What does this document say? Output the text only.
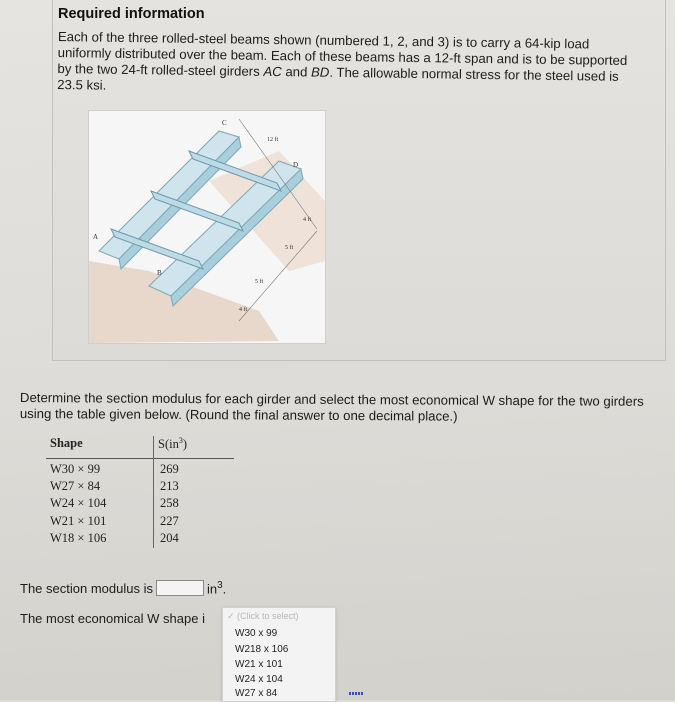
Required information
Each of the three rolled-steel beams shown (numbered 1, 2, and 3) is to carry a 64-kip load uniformly distributed over the beam. Each of these beams has a 12-ft span and is to be supported by the two 24-ft rolled-steel girders AC and BD. The allowable normal stress for the steel used is 23.5 ksi.
C
D
A
B
12 ft
4 ft
5 ft
5 ft
4 ft
Determine the section modulus for each girder and select the most economical W shape for the two girders using the table given below. (Round the final answer to one decimal place.)
Shape	$S(in^3)$
W30 × 99	269
W27 × 84	213
W24 × 104	258
W21 × 101	227
W18 × 106	204
The section modulus is	$in^3$.
The most economical W shape i ✓ (Click to select)
W30 x 99
W218 x 106
W21 x 101
W24 x 104
W27 x 84
